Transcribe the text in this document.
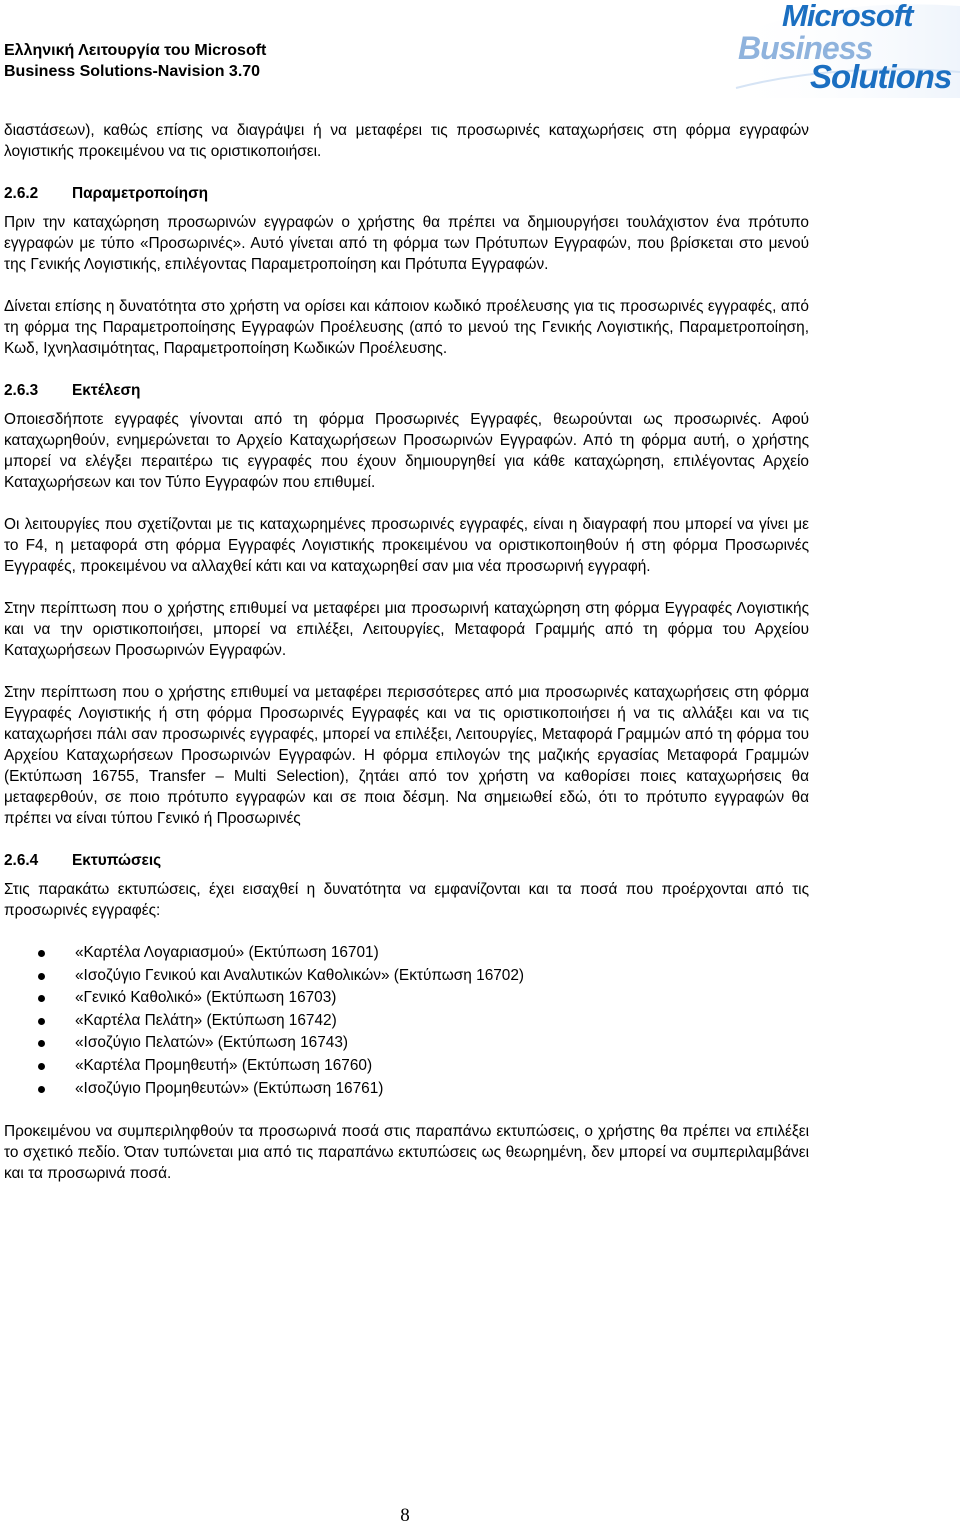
Ελληνική Λειτουργία του Microsoft
Business Solutions-Navision 3.70
Microsoft
Business
Solutions

διαστάσεων), καθώς επίσης να διαγράψει ή να μεταφέρει τις προσωρινές καταχωρήσεις στη φόρμα εγγραφών λογιστικής προκειμένου να τις οριστικοποιήσει.

2.6.2 Παραμετροποίηση

Πριν την καταχώρηση προσωρινών εγγραφών ο χρήστης θα πρέπει να δημιουργήσει τουλάχιστον ένα πρότυπο εγγραφών με τύπο «Προσωρινές». Αυτό γίνεται από τη φόρμα των Πρότυπων Εγγραφών, που βρίσκεται στο μενού της Γενικής Λογιστικής, επιλέγοντας Παραμετροποίηση και Πρότυπα Εγγραφών.

Δίνεται επίσης η δυνατότητα στο χρήστη να ορίσει και κάποιον κωδικό προέλευσης για τις προσωρινές εγγραφές, από τη φόρμα της Παραμετροποίησης Εγγραφών Προέλευσης (από το μενού της Γενικής Λογιστικής, Παραμετροποίηση, Κωδ, Ιχνηλασιμότητας, Παραμετροποίηση Κωδικών Προέλευσης.

2.6.3 Εκτέλεση

Οποιεσδήποτε εγγραφές γίνονται από τη φόρμα Προσωρινές Εγγραφές, θεωρούνται ως προσωρινές. Αφού καταχωρηθούν, ενημερώνεται το Αρχείο Καταχωρήσεων Προσωρινών Εγγραφών. Από τη φόρμα αυτή, ο χρήστης μπορεί να ελέγξει περαιτέρω τις εγγραφές που έχουν δημιουργηθεί για κάθε καταχώρηση, επιλέγοντας Αρχείο Καταχωρήσεων και τον Τύπο Εγγραφών που επιθυμεί.

Οι λειτουργίες που σχετίζονται με τις καταχωρημένες προσωρινές εγγραφές, είναι η διαγραφή που μπορεί να γίνει με το F4, η μεταφορά στη φόρμα Εγγραφές Λογιστικής προκειμένου να οριστικοποιηθούν ή στη φόρμα Προσωρινές Εγγραφές, προκειμένου να αλλαχθεί κάτι και να καταχωρηθεί σαν μια νέα προσωρινή εγγραφή.

Στην περίπτωση που ο χρήστης επιθυμεί να μεταφέρει μια προσωρινή καταχώρηση στη φόρμα Εγγραφές Λογιστικής και να την οριστικοποιήσει, μπορεί να επιλέξει, Λειτουργίες, Μεταφορά Γραμμής από τη φόρμα του Αρχείου Καταχωρήσεων Προσωρινών Εγγραφών.

Στην περίπτωση που ο χρήστης επιθυμεί να μεταφέρει περισσότερες από μια προσωρινές καταχωρήσεις στη φόρμα Εγγραφές Λογιστικής ή στη φόρμα Προσωρινές Εγγραφές και να τις οριστικοποιήσει ή να τις αλλάξει και να τις καταχωρήσει πάλι σαν προσωρινές εγγραφές, μπορεί να επιλέξει, Λειτουργίες, Μεταφορά Γραμμών από τη φόρμα του Αρχείου Καταχωρήσεων Προσωρινών Εγγραφών. Η φόρμα επιλογών της μαζικής εργασίας Μεταφορά Γραμμών (Εκτύπωση 16755, Transfer – Multi Selection), ζητάει από τον χρήστη να καθορίσει ποιες καταχωρήσεις θα μεταφερθούν, σε ποιο πρότυπο εγγραφών και σε ποια δέσμη. Να σημειωθεί εδώ, ότι το πρότυπο εγγραφών θα πρέπει να είναι τύπου Γενικό ή Προσωρινές

2.6.4 Εκτυπώσεις

Στις παρακάτω εκτυπώσεις, έχει εισαχθεί η δυνατότητα να εμφανίζονται και τα ποσά που προέρχονται από τις προσωρινές εγγραφές:

«Καρτέλα Λογαριασμού» (Εκτύπωση 16701)
«Ισοζύγιο Γενικού και Αναλυτικών Καθολικών» (Εκτύπωση 16702)
«Γενικό Καθολικό» (Εκτύπωση 16703)
«Καρτέλα Πελάτη» (Εκτύπωση 16742)
«Ισοζύγιο Πελατών» (Εκτύπωση 16743)
«Καρτέλα Προμηθευτή» (Εκτύπωση 16760)
«Ισοζύγιο Προμηθευτών» (Εκτύπωση 16761)

Προκειμένου να συμπεριληφθούν τα προσωρινά ποσά στις παραπάνω εκτυπώσεις, ο χρήστης θα πρέπει να επιλέξει το σχετικό πεδίο. Όταν τυπώνεται μια από τις παραπάνω εκτυπώσεις ως θεωρημένη, δεν μπορεί να συμπεριλαμβάνει και τα προσωρινά ποσά.

8
